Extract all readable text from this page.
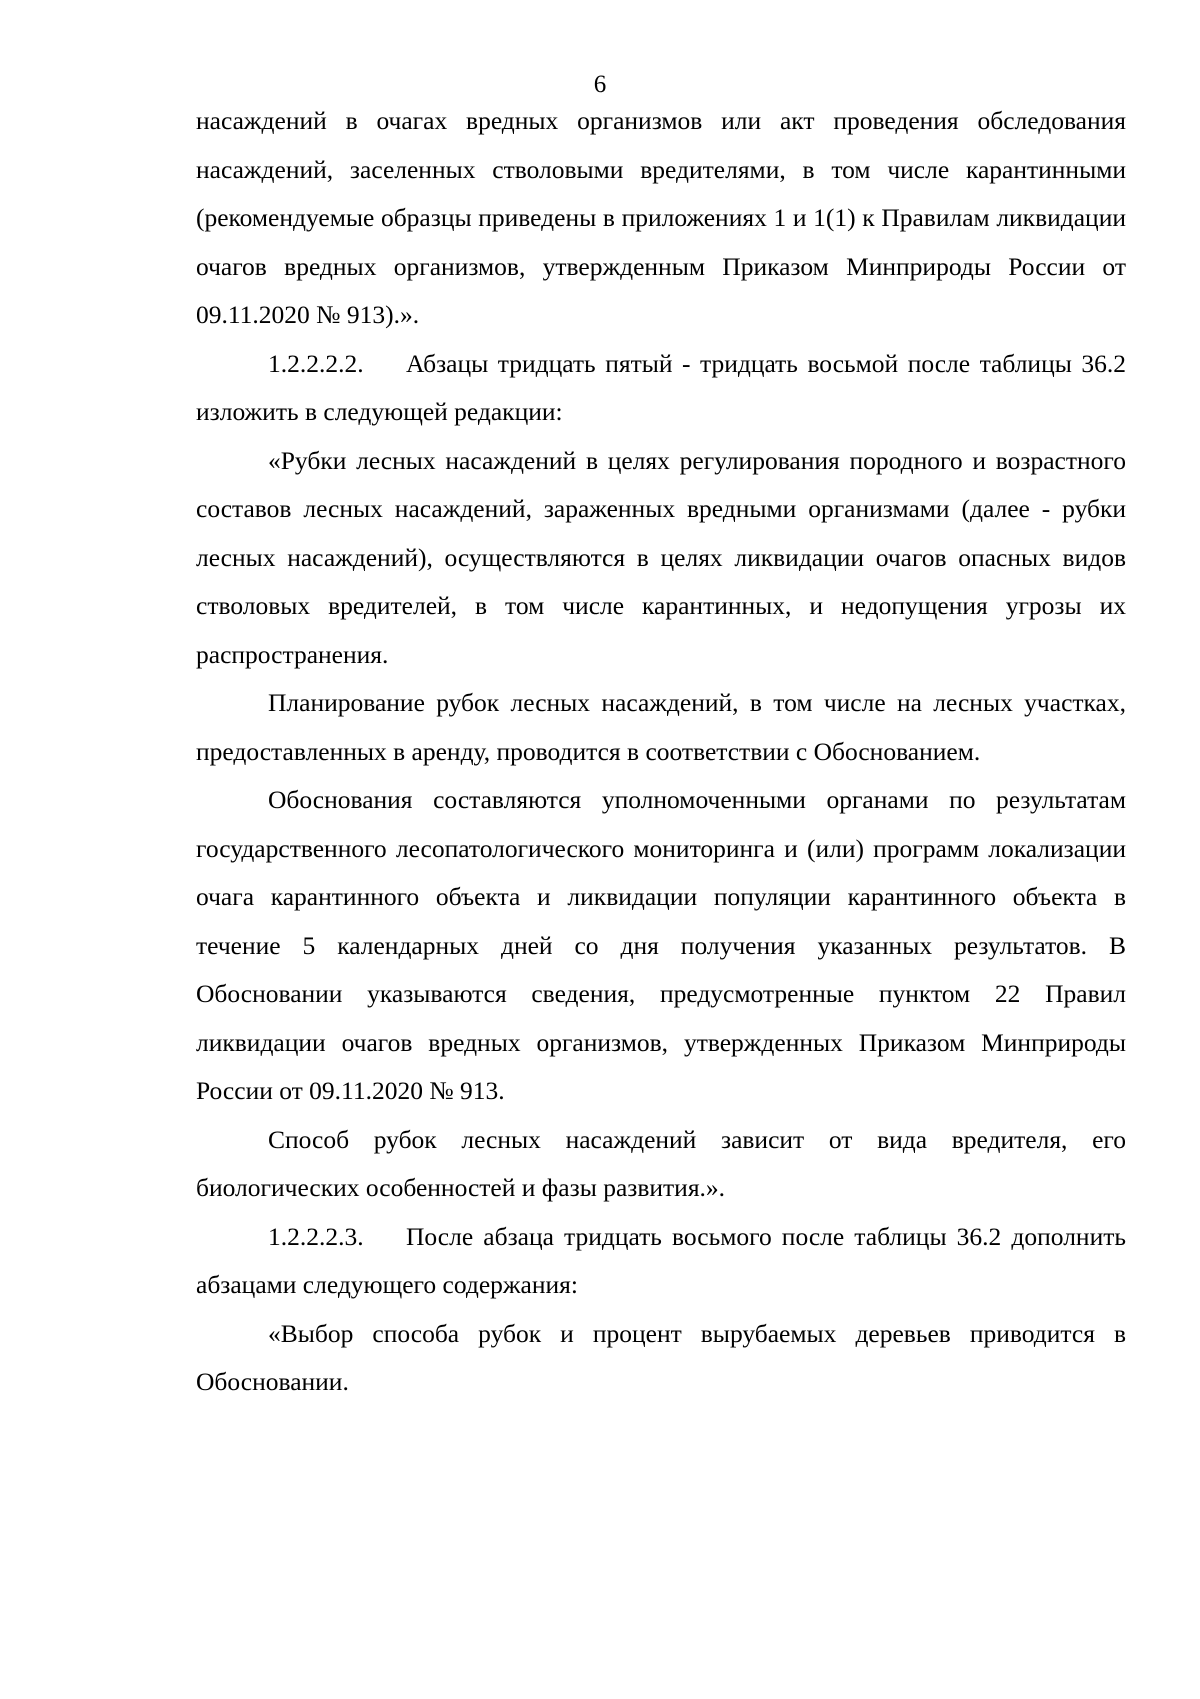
6

насаждений в очагах вредных организмов или акт проведения обследования насаждений, заселенных стволовыми вредителями, в том числе карантинными (рекомендуемые образцы приведены в приложениях 1 и 1(1) к Правилам ликвидации очагов вредных организмов, утвержденным Приказом Минприроды России от 09.11.2020 № 913).».

1.2.2.2.2. Абзацы тридцать пятый - тридцать восьмой после таблицы 36.2 изложить в следующей редакции:

«Рубки лесных насаждений в целях регулирования породного и возрастного составов лесных насаждений, зараженных вредными организмами (далее - рубки лесных насаждений), осуществляются в целях ликвидации очагов опасных видов стволовых вредителей, в том числе карантинных, и недопущения угрозы их распространения.

Планирование рубок лесных насаждений, в том числе на лесных участках, предоставленных в аренду, проводится в соответствии с Обоснованием.

Обоснования составляются уполномоченными органами по результатам государственного лесопатологического мониторинга и (или) программ локализации очага карантинного объекта и ликвидации популяции карантинного объекта в течение 5 календарных дней со дня получения указанных результатов. В Обосновании указываются сведения, предусмотренные пунктом 22 Правил ликвидации очагов вредных организмов, утвержденных Приказом Минприроды России от 09.11.2020 № 913.

Способ рубок лесных насаждений зависит от вида вредителя, его биологических особенностей и фазы развития.».

1.2.2.2.3. После абзаца тридцать восьмого после таблицы 36.2 дополнить абзацами следующего содержания:

«Выбор способа рубок и процент вырубаемых деревьев приводится в Обосновании.
